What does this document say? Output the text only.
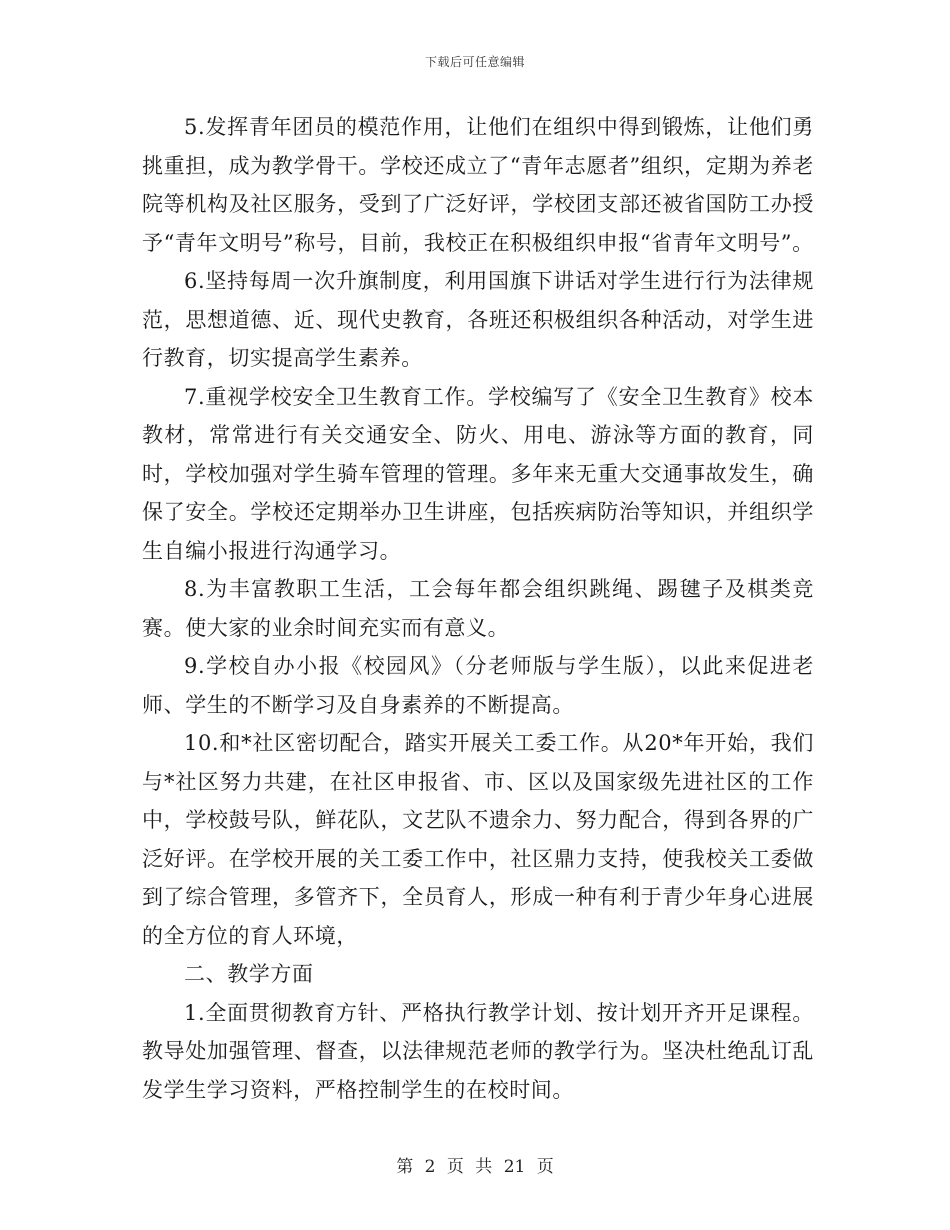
下载后可任意编辑

5.发挥青年团员的模范作用，让他们在组织中得到锻炼，让他们勇挑重担，成为教学骨干。学校还成立了“青年志愿者”组织，定期为养老院等机构及社区服务，受到了广泛好评，学校团支部还被省国防工办授予“青年文明号”称号，目前，我校正在积极组织申报“省青年文明号”。

6.坚持每周一次升旗制度，利用国旗下讲话对学生进行行为法律规范，思想道德、近、现代史教育，各班还积极组织各种活动，对学生进行教育，切实提高学生素养。

7.重视学校安全卫生教育工作。学校编写了《安全卫生教育》校本教材，常常进行有关交通安全、防火、用电、游泳等方面的教育，同时，学校加强对学生骑车管理的管理。多年来无重大交通事故发生，确保了安全。学校还定期举办卫生讲座，包括疾病防治等知识，并组织学生自编小报进行沟通学习。

8.为丰富教职工生活，工会每年都会组织跳绳、踢毽子及棋类竞赛。使大家的业余时间充实而有意义。

9.学校自办小报《校园风》（分老师版与学生版），以此来促进老师、学生的不断学习及自身素养的不断提高。

10.和*社区密切配合，踏实开展关工委工作。从20*年开始，我们与*社区努力共建，在社区申报省、市、区以及国家级先进社区的工作中，学校鼓号队，鲜花队，文艺队不遗余力、努力配合，得到各界的广泛好评。在学校开展的关工委工作中，社区鼎力支持，使我校关工委做到了综合管理，多管齐下，全员育人，形成一种有利于青少年身心进展的全方位的育人环境，

二、教学方面

1.全面贯彻教育方针、严格执行教学计划、按计划开齐开足课程。教导处加强管理、督查，以法律规范老师的教学行为。坚决杜绝乱订乱发学生学习资料，严格控制学生的在校时间。

第 2 页 共 21 页
